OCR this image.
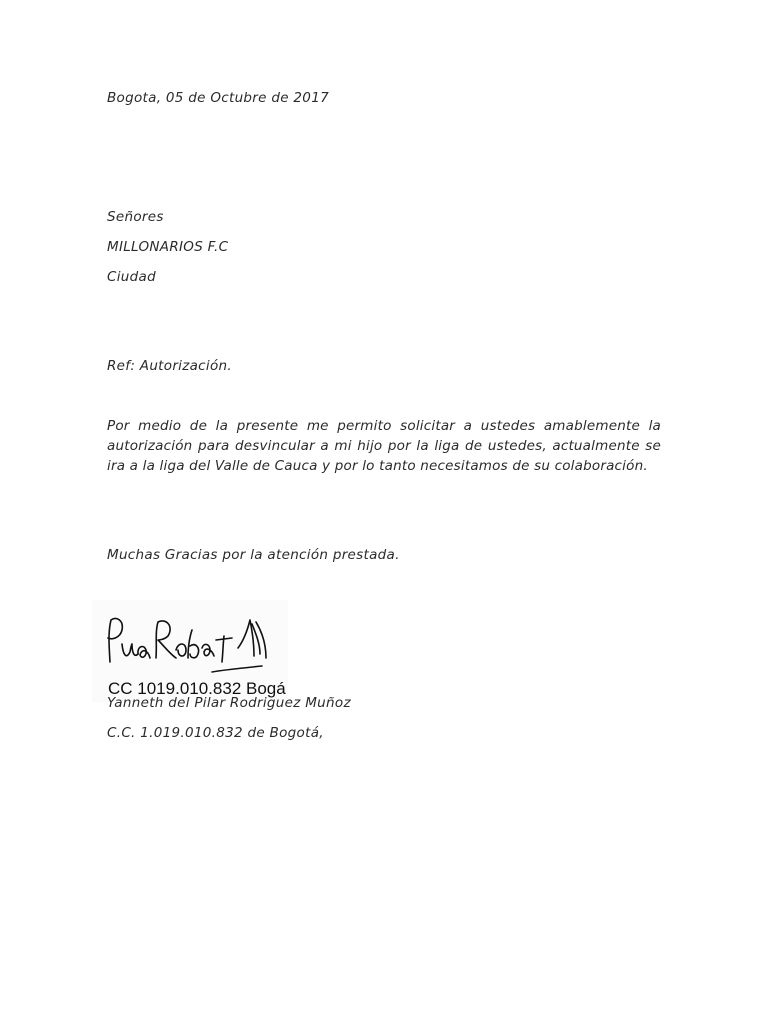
Bogota, 05 de Octubre de 2017
Señores
MILLONARIOS F.C
Ciudad
Ref: Autorización.
Por medio de la presente me permito solicitar a ustedes amablemente la autorización para desvincular a mi hijo por la liga de ustedes, actualmente se ira a la liga del Valle de Cauca y por lo tanto necesitamos de su colaboración.
Muchas Gracias por la atención prestada.
CC 1019.010.832 Bogá
Yanneth del Pilar Rodriguez Muñoz
C.C. 1.019.010.832 de Bogotá,
